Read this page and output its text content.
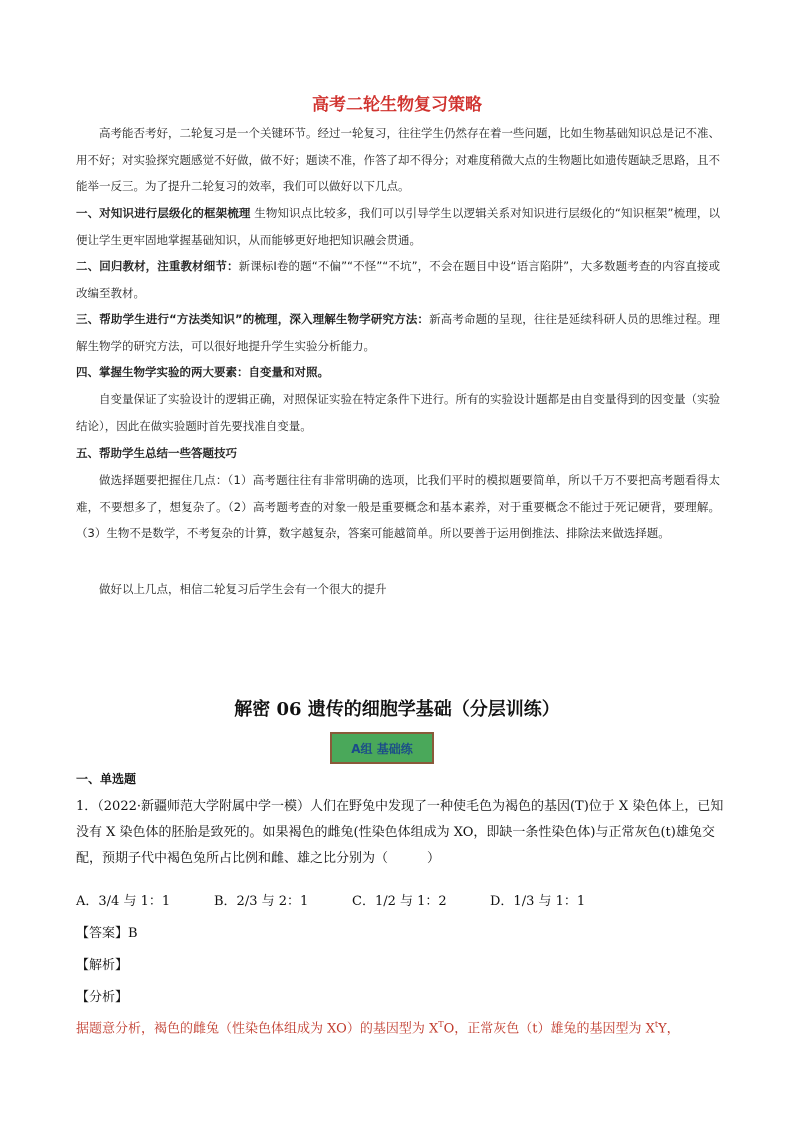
高考二轮生物复习策略

高考能否考好，二轮复习是一个关键环节。经过一轮复习，往往学生仍然存在着一些问题，比如生物基础知识总是记不准、用不好；对实验探究题感觉不好做，做不好；题读不准，作答了却不得分；对难度稍微大点的生物题比如遗传题缺乏思路，且不能举一反三。为了提升二轮复习的效率，我们可以做好以下几点。

一、对知识进行层级化的框架梳理 生物知识点比较多，我们可以引导学生以逻辑关系对知识进行层级化的“知识框架”梳理，以便让学生更牢固地掌握基础知识，从而能够更好地把知识融会贯通。

二、回归教材，注重教材细节：新课标Ⅰ卷的题“不偏”“不怪”“不坑”，不会在题目中设“语言陷阱”，大多数题考查的内容直接或改编至教材。

三、帮助学生进行“方法类知识”的梳理，深入理解生物学研究方法：新高考命题的呈现，往往是延续科研人员的思维过程。理解生物学的研究方法，可以很好地提升学生实验分析能力。

四、掌握生物学实验的两大要素：自变量和对照。

自变量保证了实验设计的逻辑正确，对照保证实验在特定条件下进行。所有的实验设计题都是由自变量得到的因变量（实验结论），因此在做实验题时首先要找准自变量。

五、帮助学生总结一些答题技巧

做选择题要把握住几点：（1）高考题往往有非常明确的选项，比我们平时的模拟题要简单，所以千万不要把高考题看得太难，不要想多了，想复杂了。（2）高考题考查的对象一般是重要概念和基本素养，对于重要概念不能过于死记硬背，要理解。（3）生物不是数学，不考复杂的计算，数字越复杂，答案可能越简单。所以要善于运用倒推法、排除法来做选择题。

做好以上几点，相信二轮复习后学生会有一个很大的提升

解密 06 遗传的细胞学基础（分层训练）
A组 基础练
一、单选题

1．（2022·新疆师范大学附属中学一模）人们在野兔中发现了一种使毛色为褐色的基因(T)位于 X 染色体上，已知没有 X 染色体的胚胎是致死的。如果褐色的雌兔(性染色体组成为 XO，即缺一条性染色体)与正常灰色(t)雄兔交配，预期子代中褐色兔所占比例和雌、雄之比分别为（　　　）

A．3/4 与 1：1	B．2/3 与 2：1	C．1/2 与 1：2	D．1/3 与 1：1
【答案】B
【解析】
【分析】

据题意分析，褐色的雌兔（性染色体组成为 XO）的基因型为 $X^TO$，正常灰色（t）雄兔的基因型为 $X^tY$，
